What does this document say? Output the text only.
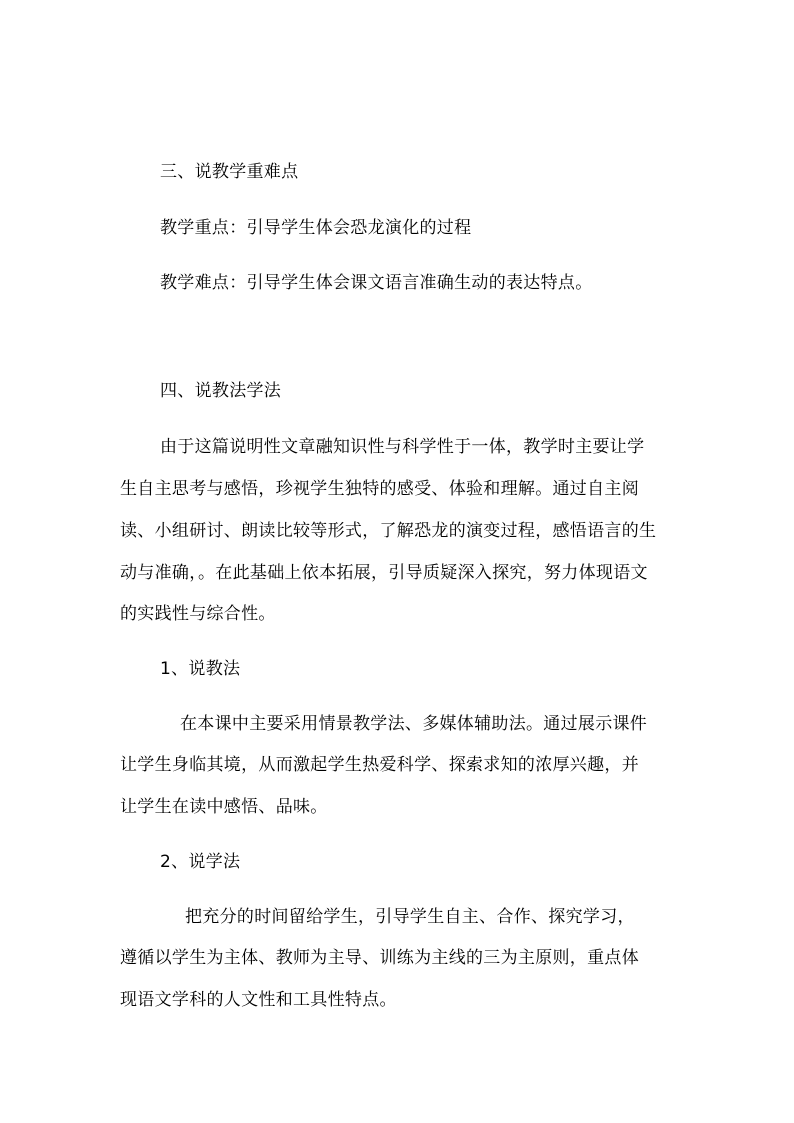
三、说教学重难点
教学重点：引导学生体会恐龙演化的过程
教学难点：引导学生体会课文语言准确生动的表达特点。
四、说教法学法
由于这篇说明性文章融知识性与科学性于一体，教学时主要让学
生自主思考与感悟，珍视学生独特的感受、体验和理解。通过自主阅
读、小组研讨、朗读比较等形式，了解恐龙的演变过程，感悟语言的生
动与准确，。在此基础上依本拓展，引导质疑深入探究，努力体现语文
的实践性与综合性。
1、说教法
在本课中主要采用情景教学法、多媒体辅助法。通过展示课件
让学生身临其境，从而激起学生热爱科学、探索求知的浓厚兴趣，并
让学生在读中感悟、品味。
2、说学法
把充分的时间留给学生，引导学生自主、合作、探究学习，
遵循以学生为主体、教师为主导、训练为主线的三为主原则，重点体
现语文学科的人文性和工具性特点。
